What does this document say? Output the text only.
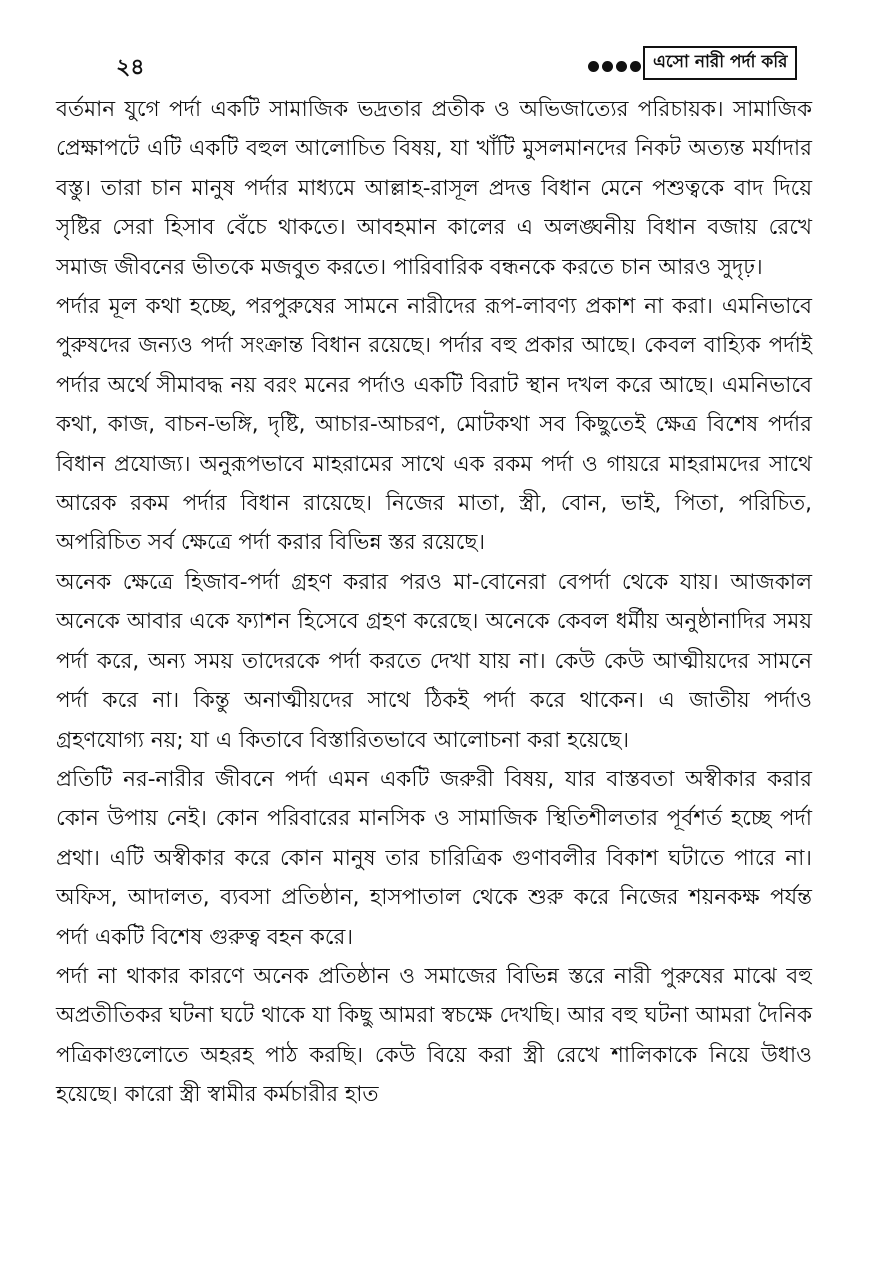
২৪	এসো নারী পর্দা করি

বর্তমান যুগে পর্দা একটি সামাজিক ভদ্রতার প্রতীক ও অভিজাত্যের পরিচায়ক। সামাজিক প্রেক্ষাপটে এটি একটি বহুল আলোচিত বিষয়, যা খাঁটি মুসলমানদের নিকট অত্যন্ত মর্যাদার বস্তু। তারা চান মানুষ পর্দার মাধ্যমে আল্লাহ-রাসূল প্রদত্ত বিধান মেনে পশুত্বকে বাদ দিয়ে সৃষ্টির সেরা হিসাব বেঁচে থাকতে। আবহমান কালের এ অলঙ্ঘনীয় বিধান বজায় রেখে সমাজ জীবনের ভীতকে মজবুত করতে। পারিবারিক বন্ধনকে করতে চান আরও সুদৃঢ়।

পর্দার মূল কথা হচ্ছে, পরপুরুষের সামনে নারীদের রূপ-লাবণ্য প্রকাশ না করা। এমনিভাবে পুরুষদের জন্যও পর্দা সংক্রান্ত বিধান রয়েছে। পর্দার বহু প্রকার আছে। কেবল বাহ্যিক পর্দাই পর্দার অর্থে সীমাবদ্ধ নয় বরং মনের পর্দাও একটি বিরাট স্থান দখল করে আছে। এমনিভাবে কথা, কাজ, বাচন-ভঙ্গি, দৃষ্টি, আচার-আচরণ, মোটকথা সব কিছুতেই ক্ষেত্র বিশেষ পর্দার বিধান প্রযোজ্য। অনুরূপভাবে মাহরামের সাথে এক রকম পর্দা ও গায়রে মাহরামদের সাথে আরেক রকম পর্দার বিধান রায়েছে। নিজের মাতা, স্ত্রী, বোন, ভাই, পিতা, পরিচিত, অপরিচিত সর্ব ক্ষেত্রে পর্দা করার বিভিন্ন স্তর রয়েছে।

অনেক ক্ষেত্রে হিজাব-পর্দা গ্রহণ করার পরও মা-বোনেরা বেপর্দা থেকে যায়। আজকাল অনেকে আবার একে ফ্যাশন হিসেবে গ্রহণ করেছে। অনেকে কেবল ধর্মীয় অনুষ্ঠানাদির সময় পর্দা করে, অন্য সময় তাদেরকে পর্দা করতে দেখা যায় না। কেউ কেউ আত্মীয়দের সামনে পর্দা করে না। কিন্তু অনাত্মীয়দের সাথে ঠিকই পর্দা করে থাকেন। এ জাতীয় পর্দাও গ্রহণযোগ্য নয়; যা এ কিতাবে বিস্তারিতভাবে আলোচনা করা হয়েছে।

প্রতিটি নর-নারীর জীবনে পর্দা এমন একটি জরুরী বিষয়, যার বাস্তবতা অস্বীকার করার কোন উপায় নেই। কোন পরিবারের মানসিক ও সামাজিক স্থিতিশীলতার পূর্বশর্ত হচ্ছে পর্দা প্রথা। এটি অস্বীকার করে কোন মানুষ তার চারিত্রিক গুণাবলীর বিকাশ ঘটাতে পারে না। অফিস, আদালত, ব্যবসা প্রতিষ্ঠান, হাসপাতাল থেকে শুরু করে নিজের শয়নকক্ষ পর্যন্ত পর্দা একটি বিশেষ গুরুত্ব বহন করে।

পর্দা না থাকার কারণে অনেক প্রতিষ্ঠান ও সমাজের বিভিন্ন স্তরে নারী পুরুষের মাঝে বহু অপ্রতীতিকর ঘটনা ঘটে থাকে যা কিছু আমরা স্বচক্ষে দেখছি। আর বহু ঘটনা আমরা দৈনিক পত্রিকাগুলোতে অহরহ পাঠ করছি। কেউ বিয়ে করা স্ত্রী রেখে শালিকাকে নিয়ে উধাও হয়েছে। কারো স্ত্রী স্বামীর কর্মচারীর হাত
